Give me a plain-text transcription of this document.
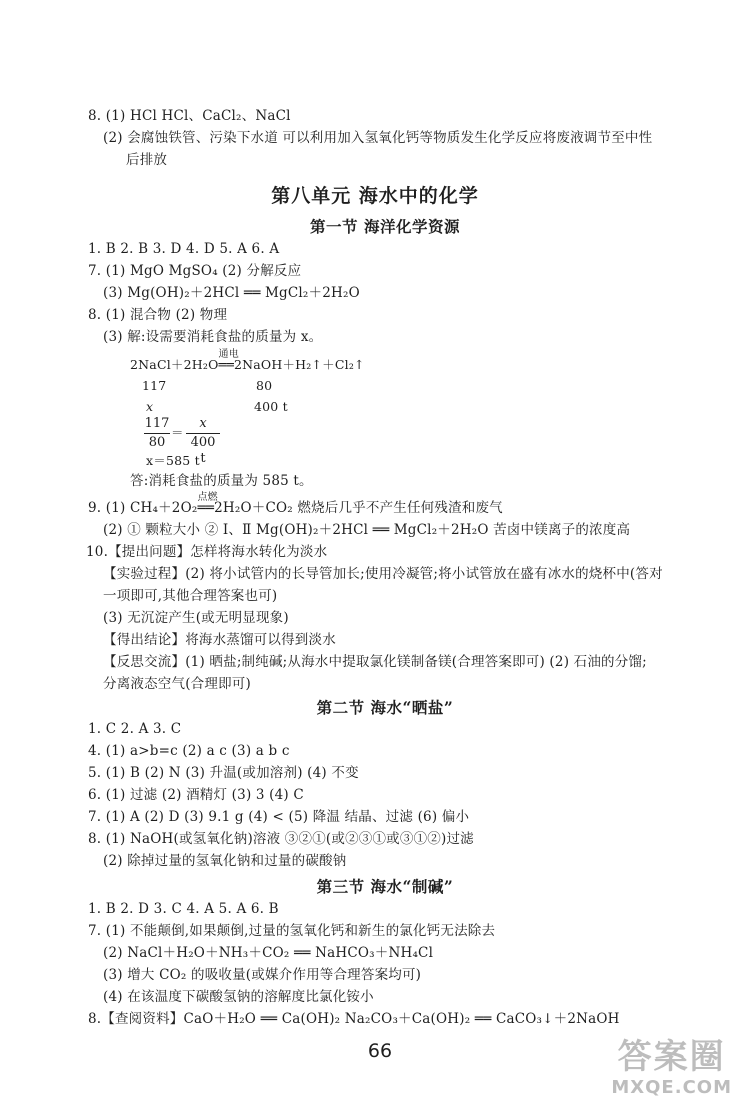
8. (1) HCl HCl、CaCl₂、NaCl
(2) 会腐蚀铁管、污染下水道 可以利用加入氢氧化钙等物质发生化学反应将废液调节至中性
后排放
第八单元 海水中的化学
第一节 海洋化学资源
1. B 2. B 3. D 4. D 5. A 6. A
7. (1) MgO MgSO₄ (2) 分解反应
(3) Mg(OH)₂＋2HCl ══ MgCl₂＋2H₂O
8. (1) 混合物 (2) 物理
(3) 解:设需要消耗食盐的质量为 x。
2NaCl＋2H₂O
通电
══2NaOH＋H₂↑＋Cl₂↑
117	80
x	400 t
117
80
＝
x
400 t
x＝585 t
答:消耗食盐的质量为 585 t。
9. (1) CH₄＋2O₂
点燃
══2H₂O＋CO₂ 燃烧后几乎不产生任何残渣和废气
(2) ① 颗粒大小 ② Ⅰ、Ⅱ Mg(OH)₂＋2HCl ══ MgCl₂＋2H₂O 苦卤中镁离子的浓度高
10.【提出问题】怎样将海水转化为淡水
【实验过程】(2) 将小试管内的长导管加长;使用冷凝管;将小试管放在盛有冰水的烧杯中(答对
一项即可,其他合理答案也可)
(3) 无沉淀产生(或无明显现象)
【得出结论】将海水蒸馏可以得到淡水
【反思交流】(1) 晒盐;制纯碱;从海水中提取氯化镁制备镁(合理答案即可) (2) 石油的分馏;
分离液态空气(合理即可)
第二节 海水“晒盐”
1. C 2. A 3. C
4. (1) a>b=c (2) a c (3) a b c
5. (1) B (2) N (3) 升温(或加溶剂) (4) 不变
6. (1) 过滤 (2) 酒精灯 (3) 3 (4) C
7. (1) A (2) D (3) 9.1 g (4) < (5) 降温 结晶、过滤 (6) 偏小
8. (1) NaOH(或氢氧化钠)溶液 ③②①(或②③①或③①②)过滤
(2) 除掉过量的氢氧化钠和过量的碳酸钠
第三节 海水“制碱”
1. B 2. D 3. C 4. A 5. A 6. B
7. (1) 不能颠倒,如果颠倒,过量的氢氧化钙和新生的氯化钙无法除去
(2) NaCl＋H₂O＋NH₃＋CO₂ ══ NaHCO₃＋NH₄Cl
(3) 增大 CO₂ 的吸收量(或媒介作用等合理答案均可)
(4) 在该温度下碳酸氢钠的溶解度比氯化铵小
8.【查阅资料】CaO＋H₂O ══ Ca(OH)₂ Na₂CO₃＋Ca(OH)₂ ══ CaCO₃↓＋2NaOH
66	答案圈
MXQE.COM
